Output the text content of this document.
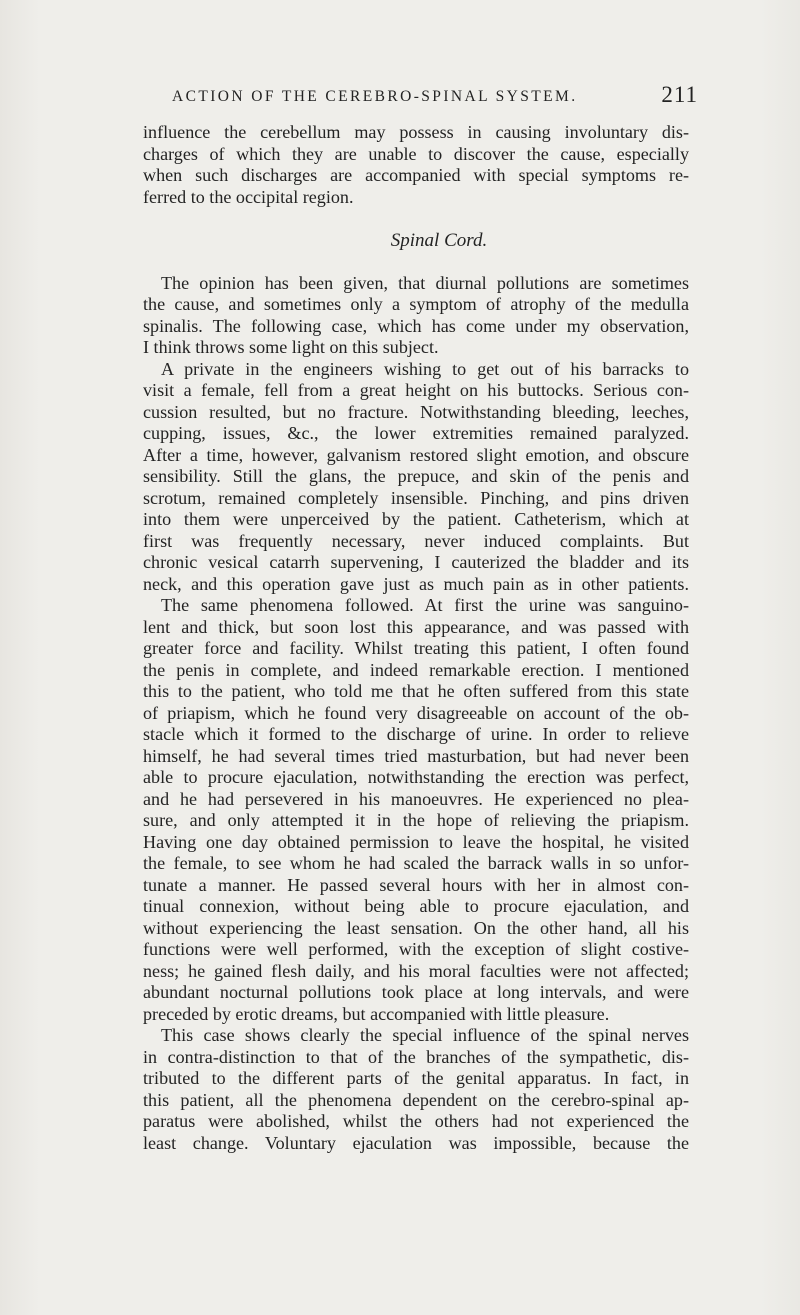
ACTION OF THE CEREBRO-SPINAL SYSTEM.	211
influence the cerebellum may possess in causing involuntary dis-
charges of which they are unable to discover the cause, especially
when such discharges are accompanied with special symptoms re-
ferred to the occipital region.
Spinal Cord.
The opinion has been given, that diurnal pollutions are sometimes
the cause, and sometimes only a symptom of atrophy of the medulla
spinalis. The following case, which has come under my observation,
I think throws some light on this subject.
A private in the engineers wishing to get out of his barracks to
visit a female, fell from a great height on his buttocks. Serious con-
cussion resulted, but no fracture. Notwithstanding bleeding, leeches,
cupping, issues, &c., the lower extremities remained paralyzed.
After a time, however, galvanism restored slight emotion, and obscure
sensibility. Still the glans, the prepuce, and skin of the penis and
scrotum, remained completely insensible. Pinching, and pins driven
into them were unperceived by the patient. Catheterism, which at
first was frequently necessary, never induced complaints. But
chronic vesical catarrh supervening, I cauterized the bladder and its
neck, and this operation gave just as much pain as in other patients.
The same phenomena followed. At first the urine was sanguino-
lent and thick, but soon lost this appearance, and was passed with
greater force and facility. Whilst treating this patient, I often found
the penis in complete, and indeed remarkable erection. I mentioned
this to the patient, who told me that he often suffered from this state
of priapism, which he found very disagreeable on account of the ob-
stacle which it formed to the discharge of urine. In order to relieve
himself, he had several times tried masturbation, but had never been
able to procure ejaculation, notwithstanding the erection was perfect,
and he had persevered in his manoeuvres. He experienced no plea-
sure, and only attempted it in the hope of relieving the priapism.
Having one day obtained permission to leave the hospital, he visited
the female, to see whom he had scaled the barrack walls in so unfor-
tunate a manner. He passed several hours with her in almost con-
tinual connexion, without being able to procure ejaculation, and
without experiencing the least sensation. On the other hand, all his
functions were well performed, with the exception of slight costive-
ness; he gained flesh daily, and his moral faculties were not affected;
abundant nocturnal pollutions took place at long intervals, and were
preceded by erotic dreams, but accompanied with little pleasure.
This case shows clearly the special influence of the spinal nerves
in contra-distinction to that of the branches of the sympathetic, dis-
tributed to the different parts of the genital apparatus. In fact, in
this patient, all the phenomena dependent on the cerebro-spinal ap-
paratus were abolished, whilst the others had not experienced the
least change. Voluntary ejaculation was impossible, because the
